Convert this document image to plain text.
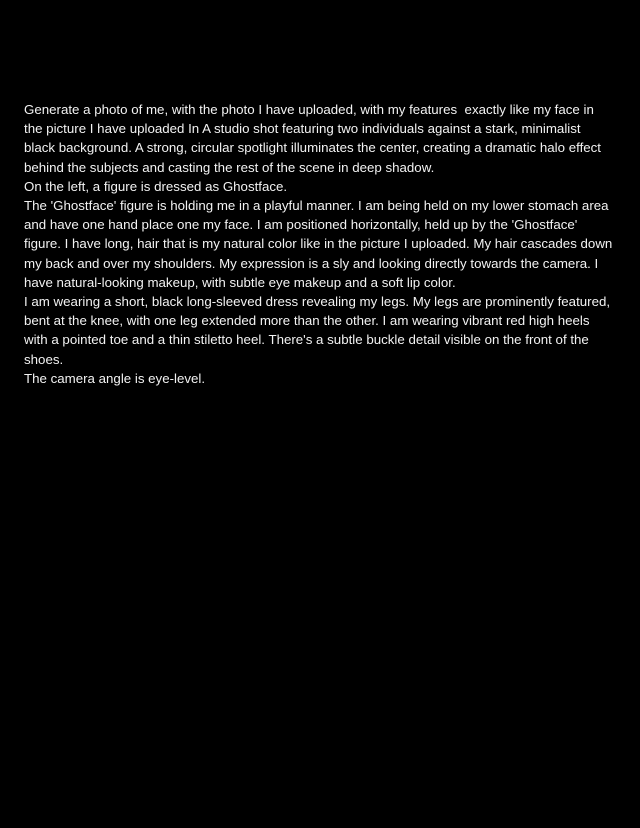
Generate a photo of me, with the photo I have uploaded, with my features  exactly like my face in
the picture I have uploaded In A studio shot featuring two individuals against a stark, minimalist
black background. A strong, circular spotlight illuminates the center, creating a dramatic halo effect
behind the subjects and casting the rest of the scene in deep shadow.
On the left, a figure is dressed as Ghostface.
The 'Ghostface' figure is holding me in a playful manner. I am being held on my lower stomach area
and have one hand place one my face. I am positioned horizontally, held up by the 'Ghostface'
figure. I have long, hair that is my natural color like in the picture I uploaded. My hair cascades down
my back and over my shoulders. My expression is a sly and looking directly towards the camera. I
have natural-looking makeup, with subtle eye makeup and a soft lip color.
I am wearing a short, black long-sleeved dress revealing my legs. My legs are prominently featured,
bent at the knee, with one leg extended more than the other. I am wearing vibrant red high heels
with a pointed toe and a thin stiletto heel. There's a subtle buckle detail visible on the front of the
shoes.
The camera angle is eye-level.
